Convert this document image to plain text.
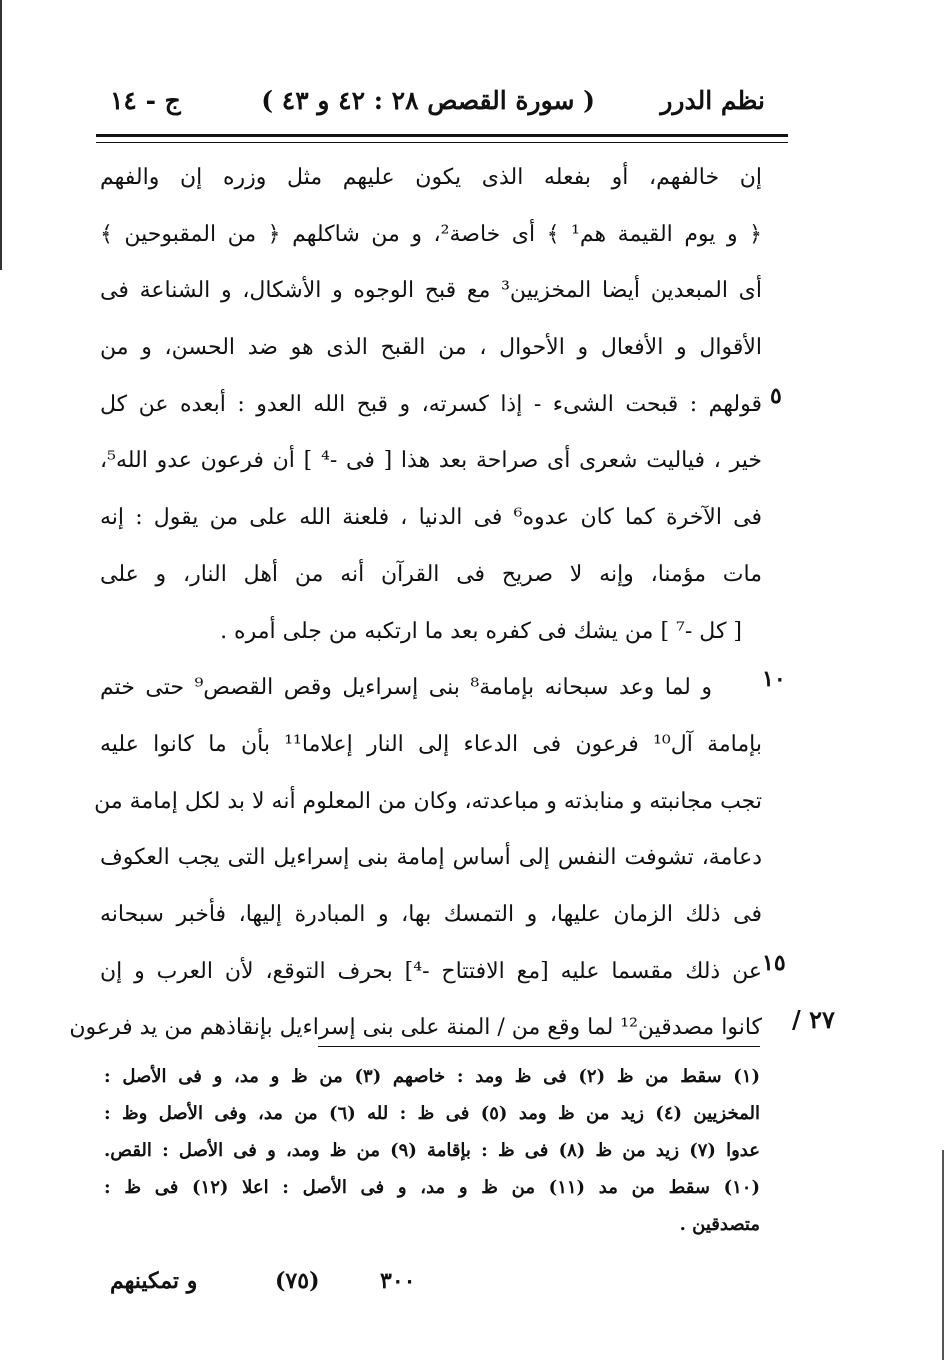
نظم الدرر
( سورة القصص ٢٨ : ٤٢ و ٤٣ )
ج - ١٤
إن خالفهم، أو بفعله الذى يكون عليهم مثل وزره إن والفهم
﴿ و يوم القيمة هم¹ ﴾ أى خاصة²، و من شاكلهم ﴿ من المقبوحين ﴾
أى المبعدين أيضا المخزيين³ مع قبح الوجوه و الأشكال، و الشناعة فى
الأقوال و الأفعال و الأحوال ، من القبح الذى هو ضد الحسن، و من
قولهم : قبحت الشىء - إذا كسرته، و قبح الله العدو : أبعده عن كل
خير ، فياليت شعرى أى صراحة بعد هذا [ فى -⁴ ] أن فرعون عدو الله⁵،
فى الآخرة كما كان عدوه⁶ فى الدنيا ، فلعنة الله على من يقول : إنه
مات مؤمنا، وإنه لا صريح فى القرآن أنه من أهل النار، و على
[ كل -⁷ ] من يشك فى كفره بعد ما ارتكبه من جلى أمره .
و لما وعد سبحانه بإمامة⁸ بنى إسراءيل وقص القصص⁹ حتى ختم
بإمامة آل¹⁰ فرعون فى الدعاء إلى النار إعلاما¹¹ بأن ما كانوا عليه
تجب مجانبته و منابذته و مباعدته، وكان من المعلوم أنه لا بد لكل إمامة من
دعامة، تشوفت النفس إلى أساس إمامة بنى إسراءيل التى يجب العكوف
فى ذلك الزمان عليها، و التمسك بها، و المبادرة إليها، فأخبر سبحانه
عن ذلك مقسما عليه [مع الافتتاح -⁴] بحرف التوقع، لأن العرب و إن
كانوا مصدقين¹² لما وقع من / المنة على بنى إسراءيل بإنقاذهم من يد فرعون
٥
١٠
١٥
٢٧ /
(١) سقط من ظ (٢) فى ظ ومد : خاصهم (٣) من ظ و مد، و فى الأصل :
المخزيين (٤) زيد من ظ ومد (٥) فى ظ : لله (٦) من مد، وفى الأصل وظ :
عدوا (٧) زيد من ظ (٨) فى ظ : بإقامة (٩) من ظ ومد، و فى الأصل : القص.
(١٠) سقط من مد (١١) من ظ و مد، و فى الأصل : اعلا (١٢) فى ظ :
متصدقين .
٣٠٠
(٧٥)
و تمكينهم
